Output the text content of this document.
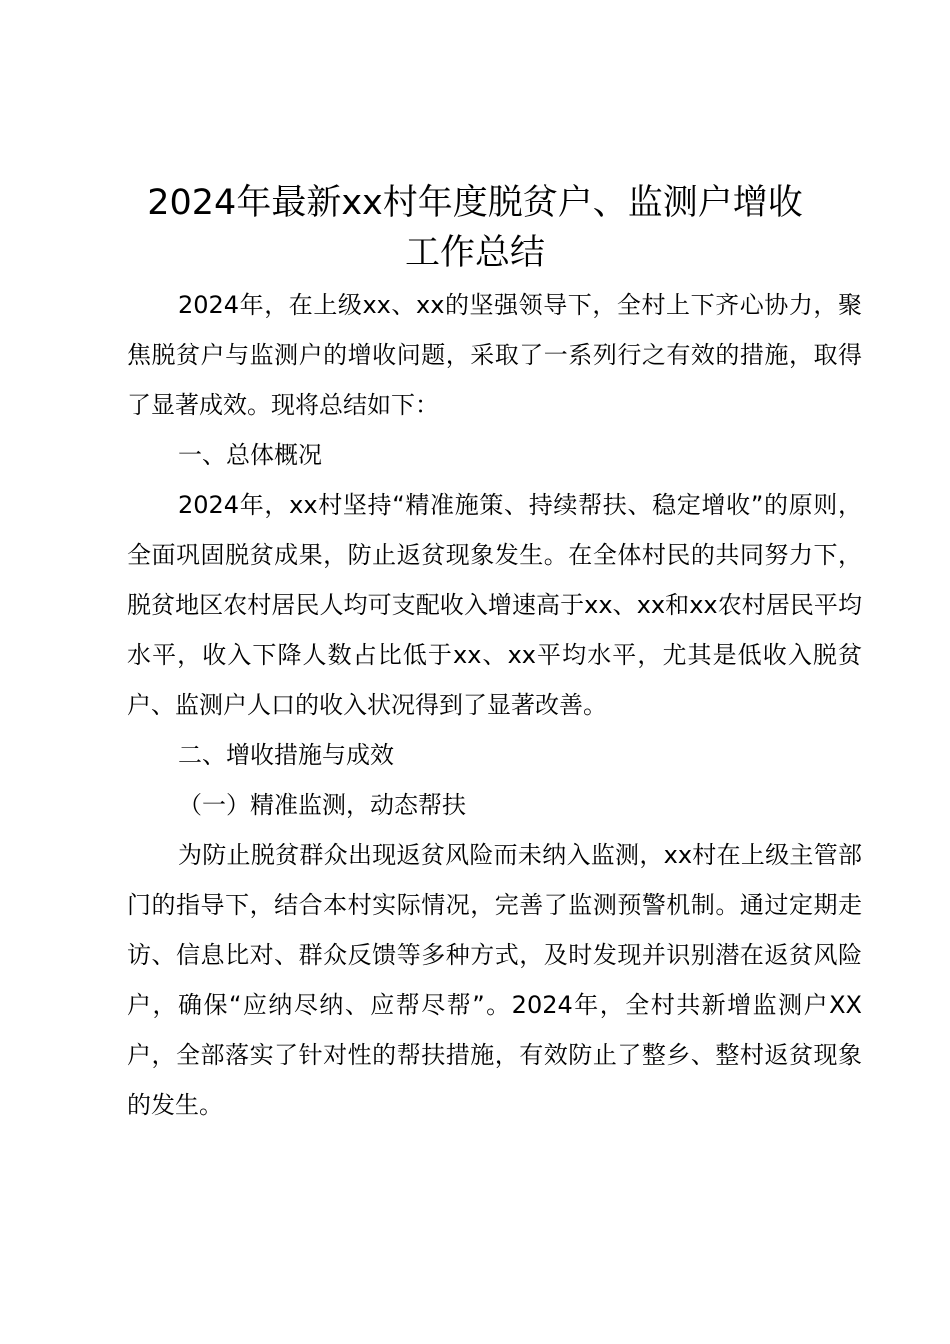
2024年最新xx村年度脱贫户、监测户增收
工作总结

2024年，在上级xx、xx的坚强领导下，全村上下齐心协力，聚焦脱贫户与监测户的增收问题，采取了一系列行之有效的措施，取得了显著成效。现将总结如下：

一、总体概况

2024年，xx村坚持“精准施策、持续帮扶、稳定增收”的原则，全面巩固脱贫成果，防止返贫现象发生。在全体村民的共同努力下，脱贫地区农村居民人均可支配收入增速高于xx、xx和xx农村居民平均水平，收入下降人数占比低于xx、xx平均水平，尤其是低收入脱贫户、监测户人口的收入状况得到了显著改善。

二、增收措施与成效

（一）精准监测，动态帮扶

为防止脱贫群众出现返贫风险而未纳入监测，xx村在上级主管部门的指导下，结合本村实际情况，完善了监测预警机制。通过定期走访、信息比对、群众反馈等多种方式，及时发现并识别潜在返贫风险户，确保“应纳尽纳、应帮尽帮”。2024年，全村共新增监测户XX户，全部落实了针对性的帮扶措施，有效防止了整乡、整村返贫现象的发生。
